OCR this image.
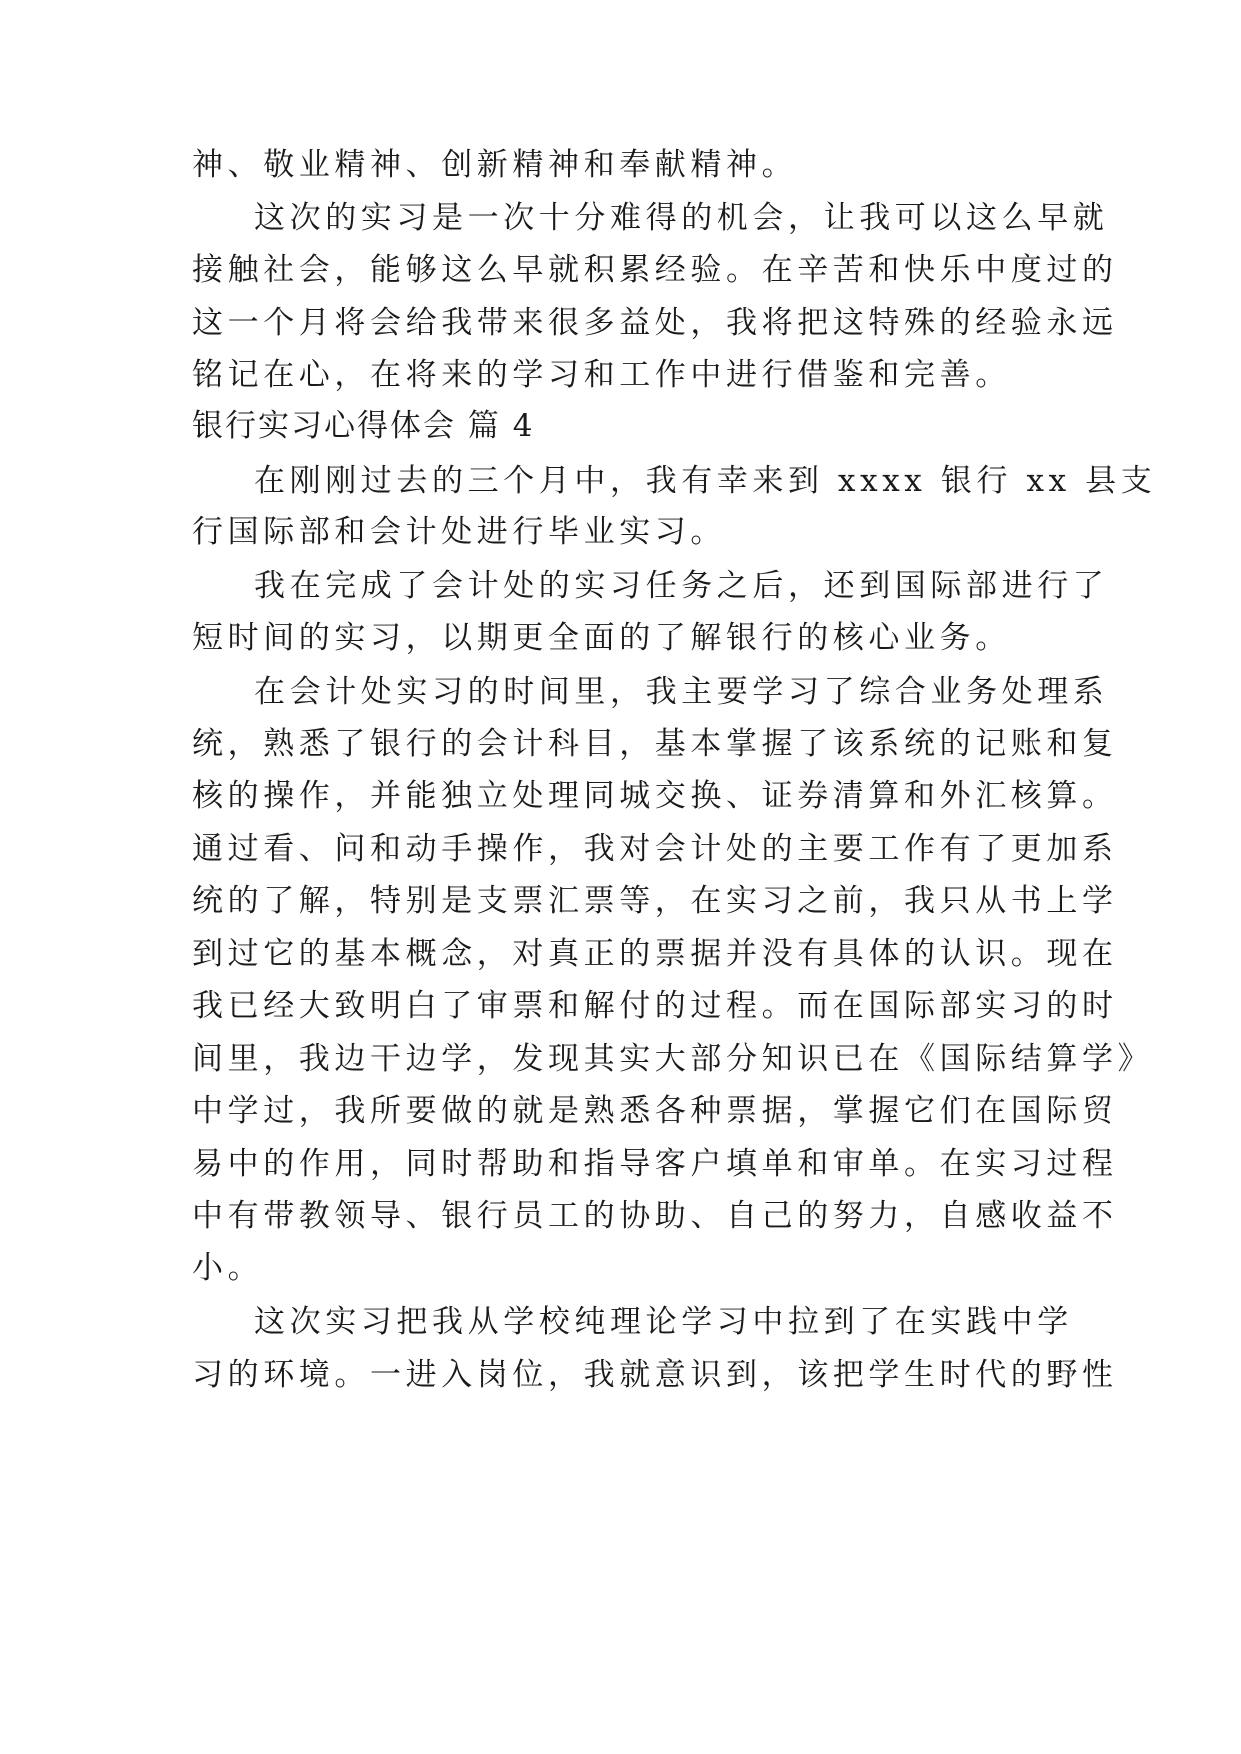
神、敬业精神、创新精神和奉献精神。
这次的实习是一次十分难得的机会，让我可以这么早就
接触社会，能够这么早就积累经验。在辛苦和快乐中度过的
这一个月将会给我带来很多益处，我将把这特殊的经验永远
铭记在心，在将来的学习和工作中进行借鉴和完善。
银行实习心得体会 篇 4
在刚刚过去的三个月中，我有幸来到 xxxx 银行 xx 县支
行国际部和会计处进行毕业实习。
我在完成了会计处的实习任务之后，还到国际部进行了
短时间的实习，以期更全面的了解银行的核心业务。
在会计处实习的时间里，我主要学习了综合业务处理系
统，熟悉了银行的会计科目，基本掌握了该系统的记账和复
核的操作，并能独立处理同城交换、证券清算和外汇核算。
通过看、问和动手操作，我对会计处的主要工作有了更加系
统的了解，特别是支票汇票等，在实习之前，我只从书上学
到过它的基本概念，对真正的票据并没有具体的认识。现在
我已经大致明白了审票和解付的过程。而在国际部实习的时
间里，我边干边学，发现其实大部分知识已在《国际结算学》
中学过，我所要做的就是熟悉各种票据，掌握它们在国际贸
易中的作用，同时帮助和指导客户填单和审单。在实习过程
中有带教领导、银行员工的协助、自己的努力，自感收益不
小。
这次实习把我从学校纯理论学习中拉到了在实践中学
习的环境。一进入岗位，我就意识到，该把学生时代的野性
